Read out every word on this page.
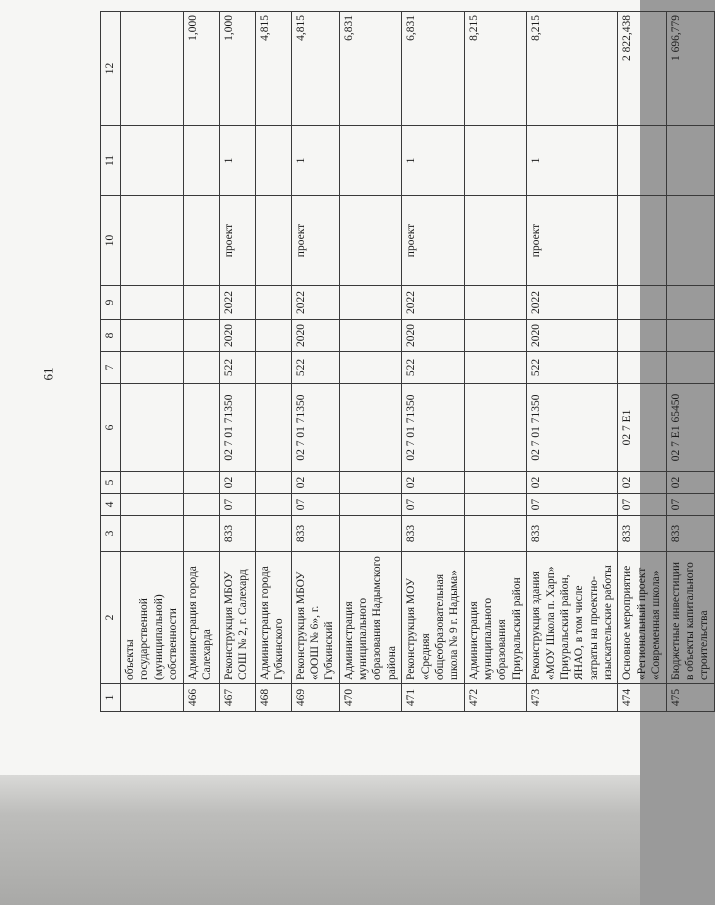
61
1	2	3	4	5	6	7	8	9	10	11	12
	объекты государственной (муниципальной) собственности										
466	Администрация города Салехарда										1,000
467	Реконструкция МБОУ СОШ № 2, г. Салехард	833	07	02	02 7 01 71350	522	2020	2022	проект	1	1,000
468	Администрация города Губкинского										4,815
469	Реконструкция МБОУ «ООШ № 6», г. Губкинский	833	07	02	02 7 01 71350	522	2020	2022	проект	1	4,815
470	Администрация муниципального образования Надымского района										6,831
471	Реконструкция МОУ «Средняя общеобразовательная школа № 9 г. Надыма»	833	07	02	02 7 01 71350	522	2020	2022	проект	1	6,831
472	Администрация муниципального образования Приуральский район										8,215
473	Реконструкция здания «МОУ Школа п. Харп» Приуральский район, ЯНАО, в том числе затраты на проектно-изыскательские работы	833	07	02	02 7 01 71350	522	2020	2022	проект	1	8,215
474	Основное мероприятие «Региональный проект «Современная школа»	833	07	02	02 7 E1						2 822,438
475	Бюджетные инвестиции в объекты капитального строительства	833	07	02	02 7 E1 65450						1 696,779
